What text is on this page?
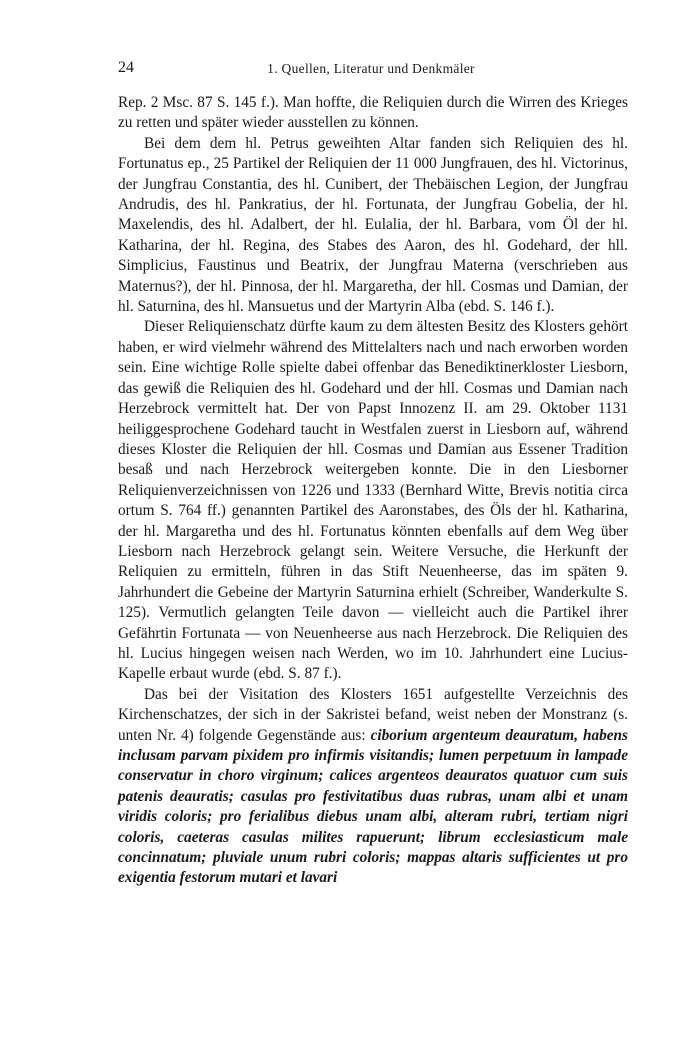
24	1. Quellen, Literatur und Denkmäler

Rep. 2 Msc. 87 S. 145 f.). Man hoffte, die Reliquien durch die Wirren des Krieges zu retten und später wieder ausstellen zu können.

Bei dem dem hl. Petrus geweihten Altar fanden sich Reliquien des hl. Fortunatus ep., 25 Partikel der Reliquien der 11 000 Jungfrauen, des hl. Victorinus, der Jungfrau Constantia, des hl. Cunibert, der Thebäischen Legion, der Jungfrau Andrudis, des hl. Pankratius, der hl. Fortunata, der Jungfrau Gobelia, der hl. Maxelendis, des hl. Adalbert, der hl. Eulalia, der hl. Barbara, vom Öl der hl. Katharina, der hl. Regina, des Stabes des Aaron, des hl. Godehard, der hll. Simplicius, Faustinus und Beatrix, der Jungfrau Materna (verschrieben aus Maternus?), der hl. Pinnosa, der hl. Margaretha, der hll. Cosmas und Damian, der hl. Saturnina, des hl. Mansuetus und der Martyrin Alba (ebd. S. 146 f.).

Dieser Reliquienschatz dürfte kaum zu dem ältesten Besitz des Klosters gehört haben, er wird vielmehr während des Mittelalters nach und nach erworben worden sein. Eine wichtige Rolle spielte dabei offenbar das Benediktinerkloster Liesborn, das gewiß die Reliquien des hl. Godehard und der hll. Cosmas und Damian nach Herzebrock vermittelt hat. Der von Papst Innozenz II. am 29. Oktober 1131 heiliggesprochene Godehard taucht in Westfalen zuerst in Liesborn auf, während dieses Kloster die Reliquien der hll. Cosmas und Damian aus Essener Tradition besaß und nach Herzebrock weitergeben konnte. Die in den Liesborner Reliquienverzeichnissen von 1226 und 1333 (Bernhard Witte, Brevis notitia circa ortum S. 764 ff.) genannten Partikel des Aaronstabes, des Öls der hl. Katharina, der hl. Margaretha und des hl. Fortunatus könnten ebenfalls auf dem Weg über Liesborn nach Herzebrock gelangt sein. Weitere Versuche, die Herkunft der Reliquien zu ermitteln, führen in das Stift Neuenheerse, das im späten 9. Jahrhundert die Gebeine der Martyrin Saturnina erhielt (Schreiber, Wanderkulte S. 125). Vermutlich gelangten Teile davon — vielleicht auch die Partikel ihrer Gefährtin Fortunata — von Neuenheerse aus nach Herzebrock. Die Reliquien des hl. Lucius hingegen weisen nach Werden, wo im 10. Jahrhundert eine Lucius-Kapelle erbaut wurde (ebd. S. 87 f.).

Das bei der Visitation des Klosters 1651 aufgestellte Verzeichnis des Kirchenschatzes, der sich in der Sakristei befand, weist neben der Monstranz (s. unten Nr. 4) folgende Gegenstände aus: ciborium argenteum deauratum, habens inclusam parvam pixidem pro infirmis visitandis; lumen perpetuum in lampade conservatur in choro virginum; calices argenteos deauratos quatuor cum suis patenis deauratis; casulas pro festivitatibus duas rubras, unam albi et unam viridis coloris; pro ferialibus diebus unam albi, alteram rubri, tertiam nigri coloris, caeteras casulas milites rapuerunt; librum ecclesiasticum male concinnatum; pluviale unum rubri coloris; mappas altaris sufficientes ut pro exigentia festorum mutari et lavari
